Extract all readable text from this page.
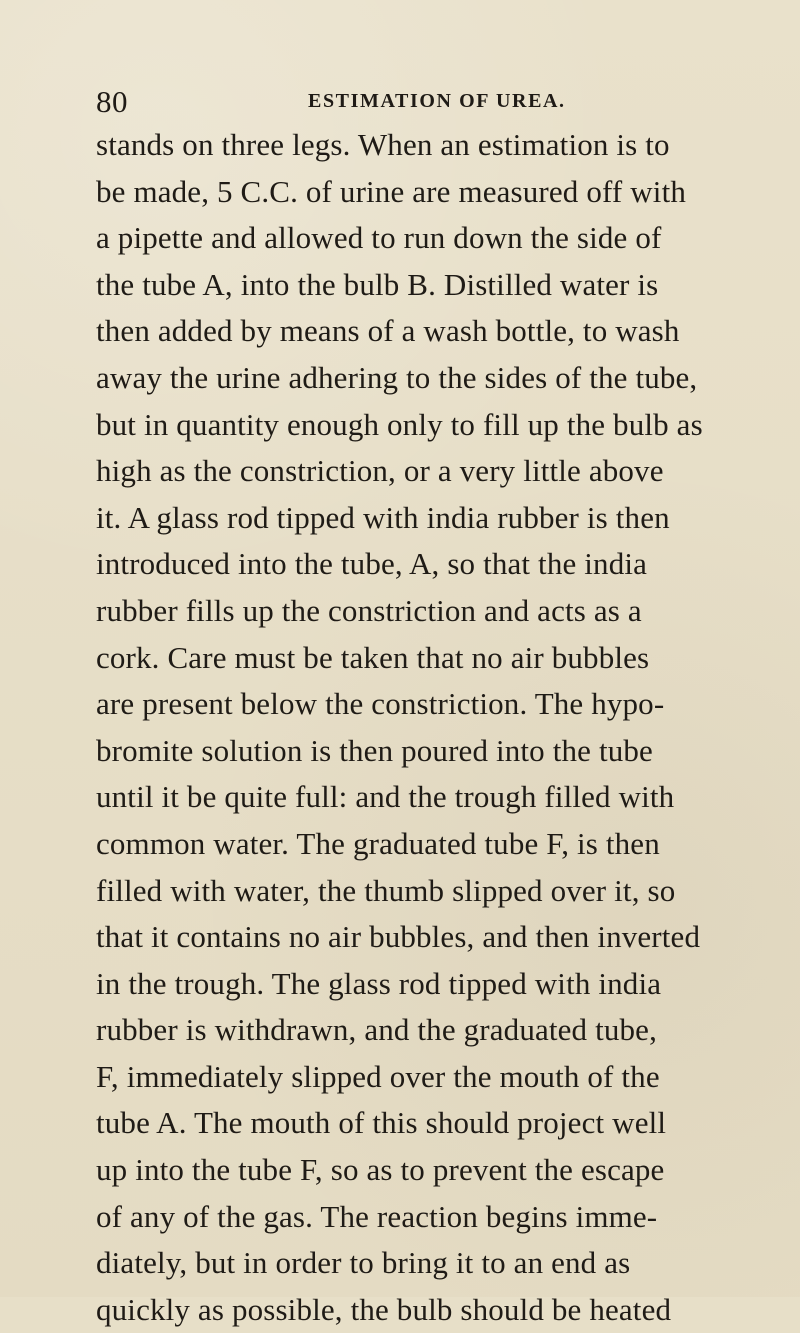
80	ESTIMATION OF UREA.
stands on three legs. When an estimation is to
be made, 5 C.C. of urine are measured off with
a pipette and allowed to run down the side of
the tube A, into the bulb B. Distilled water is
then added by means of a wash bottle, to wash
away the urine adhering to the sides of the tube,
but in quantity enough only to fill up the bulb as
high as the constriction, or a very little above
it. A glass rod tipped with india rubber is then
introduced into the tube, A, so that the india
rubber fills up the constriction and acts as a
cork. Care must be taken that no air bubbles
are present below the constriction. The hypo-
bromite solution is then poured into the tube
until it be quite full: and the trough filled with
common water. The graduated tube F, is then
filled with water, the thumb slipped over it, so
that it contains no air bubbles, and then inverted
in the trough. The glass rod tipped with india
rubber is withdrawn, and the graduated tube,
F, immediately slipped over the mouth of the
tube A. The mouth of this should project well
up into the tube F, so as to prevent the escape
of any of the gas. The reaction begins imme-
diately, but in order to bring it to an end as
quickly as possible, the bulb should be heated
